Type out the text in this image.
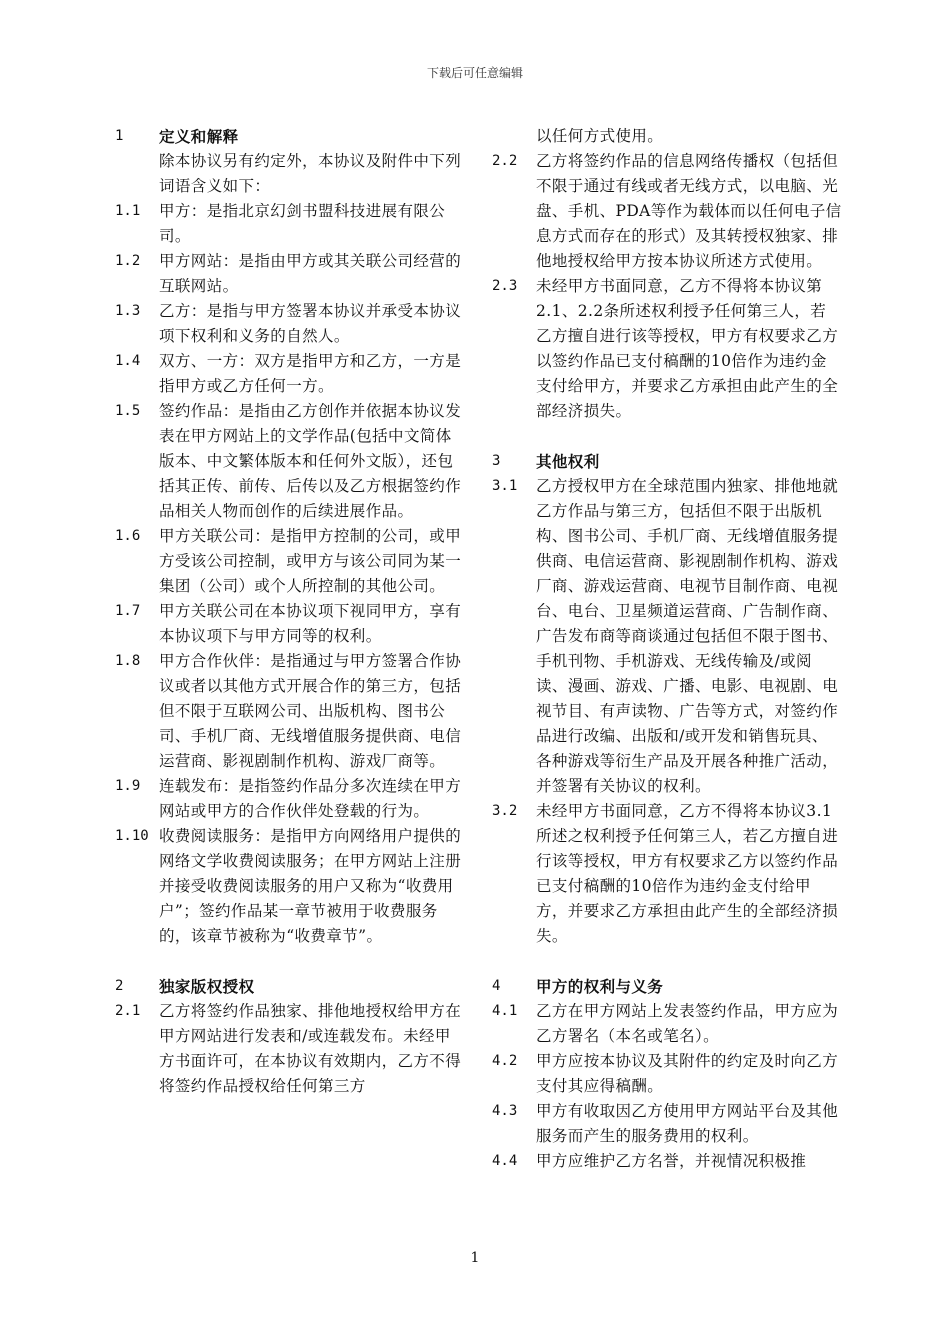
下载后可任意编辑
1	定义和解释
除本协议另有约定外，本协议及附件中下列词语含义如下：
1.1	甲方：是指北京幻剑书盟科技进展有限公司。
1.2	甲方网站：是指由甲方或其关联公司经营的互联网站。
1.3	乙方：是指与甲方签署本协议并承受本协议项下权利和义务的自然人。
1.4	双方、一方：双方是指甲方和乙方，一方是指甲方或乙方任何一方。
1.5	签约作品：是指由乙方创作并依据本协议发表在甲方网站上的文学作品(包括中文简体版本、中文繁体版本和任何外文版），还包括其正传、前传、后传以及乙方根据签约作品相关人物而创作的后续进展作品。
1.6	甲方关联公司：是指甲方控制的公司，或甲方受该公司控制，或甲方与该公司同为某一集团（公司）或个人所控制的其他公司。
1.7	甲方关联公司在本协议项下视同甲方，享有本协议项下与甲方同等的权利。
1.8	甲方合作伙伴：是指通过与甲方签署合作协议或者以其他方式开展合作的第三方，包括但不限于互联网公司、出版机构、图书公司、手机厂商、无线增值服务提供商、电信运营商、影视剧制作机构、游戏厂商等。
1.9	连载发布：是指签约作品分多次连续在甲方网站或甲方的合作伙伴处登载的行为。
1.10 收费阅读服务：是指甲方向网络用户提供的网络文学收费阅读服务；在甲方网站上注册并接受收费阅读服务的用户又称为“收费用户”；签约作品某一章节被用于收费服务的，该章节被称为“收费章节”。
2	独家版权授权
2.1	乙方将签约作品独家、排他地授权给甲方在甲方网站进行发表和/或连载发布。未经甲方书面许可，在本协议有效期内，乙方不得将签约作品授权给任何第三方
以任何方式使用。
2.2	乙方将签约作品的信息网络传播权（包括但不限于通过有线或者无线方式，以电脑、光盘、手机、PDA等作为载体而以任何电子信息方式而存在的形式）及其转授权独家、排他地授权给甲方按本协议所述方式使用。
2.3	未经甲方书面同意，乙方不得将本协议第2.1、2.2条所述权利授予任何第三人，若乙方擅自进行该等授权，甲方有权要求乙方以签约作品已支付稿酬的10倍作为违约金支付给甲方，并要求乙方承担由此产生的全部经济损失。
3	其他权利
3.1	乙方授权甲方在全球范围内独家、排他地就乙方作品与第三方，包括但不限于出版机构、图书公司、手机厂商、无线增值服务提供商、电信运营商、影视剧制作机构、游戏厂商、游戏运营商、电视节目制作商、电视台、电台、卫星频道运营商、广告制作商、广告发布商等商谈通过包括但不限于图书、手机刊物、手机游戏、无线传输及/或阅读、漫画、游戏、广播、电影、电视剧、电视节目、有声读物、广告等方式，对签约作品进行改编、出版和/或开发和销售玩具、各种游戏等衍生产品及开展各种推广活动，并签署有关协议的权利。
3.2	未经甲方书面同意，乙方不得将本协议3.1所述之权利授予任何第三人，若乙方擅自进行该等授权，甲方有权要求乙方以签约作品已支付稿酬的10倍作为违约金支付给甲方，并要求乙方承担由此产生的全部经济损失。
4	甲方的权利与义务
4.1	乙方在甲方网站上发表签约作品，甲方应为乙方署名（本名或笔名）。
4.2	甲方应按本协议及其附件的约定及时向乙方支付其应得稿酬。
4.3	甲方有收取因乙方使用甲方网站平台及其他服务而产生的服务费用的权利。
4.4	甲方应维护乙方名誉，并视情况积极推
1
